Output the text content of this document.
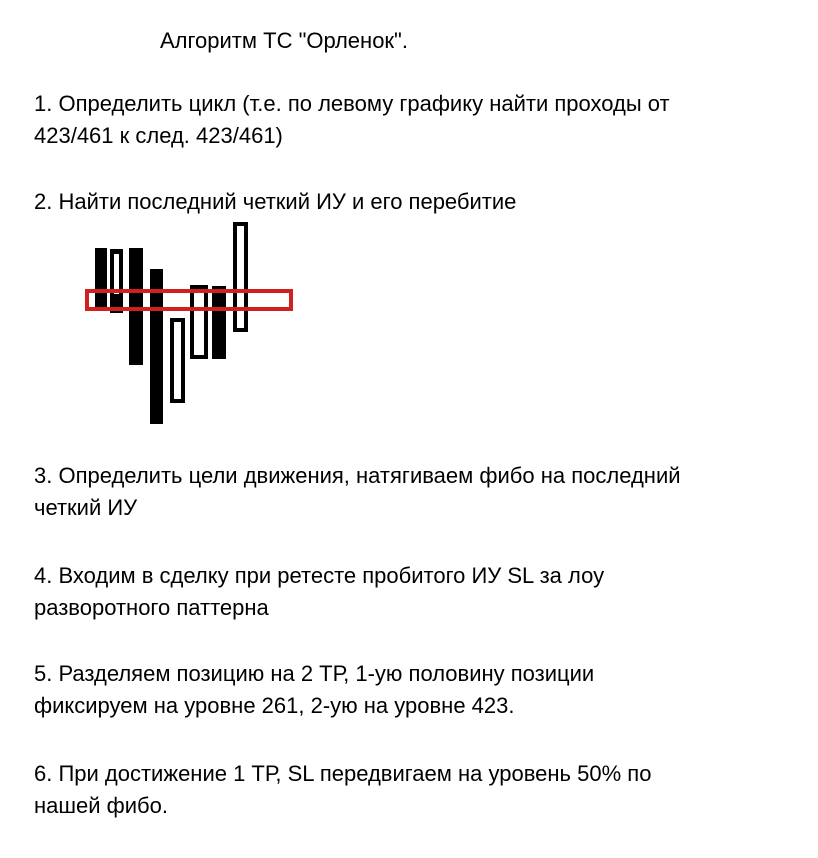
Алгоритм ТС "Орленок".

1. Определить цикл (т.е. по левому графику найти проходы от

423/461 к след. 423/461)

2. Найти последний четкий ИУ и его перебитие

3. Определить цели движения, натягиваем фибо на последний

четкий ИУ

4. Входим в сделку при ретесте пробитого ИУ SL за лоу

разворотного паттерна

5. Разделяем позицию на 2 ТР, 1-ую половину позиции

фиксируем на уровне 261, 2-ую на уровне 423.

6. При достижение 1 ТР, SL передвигаем на уровень 50% по

нашей фибо.
